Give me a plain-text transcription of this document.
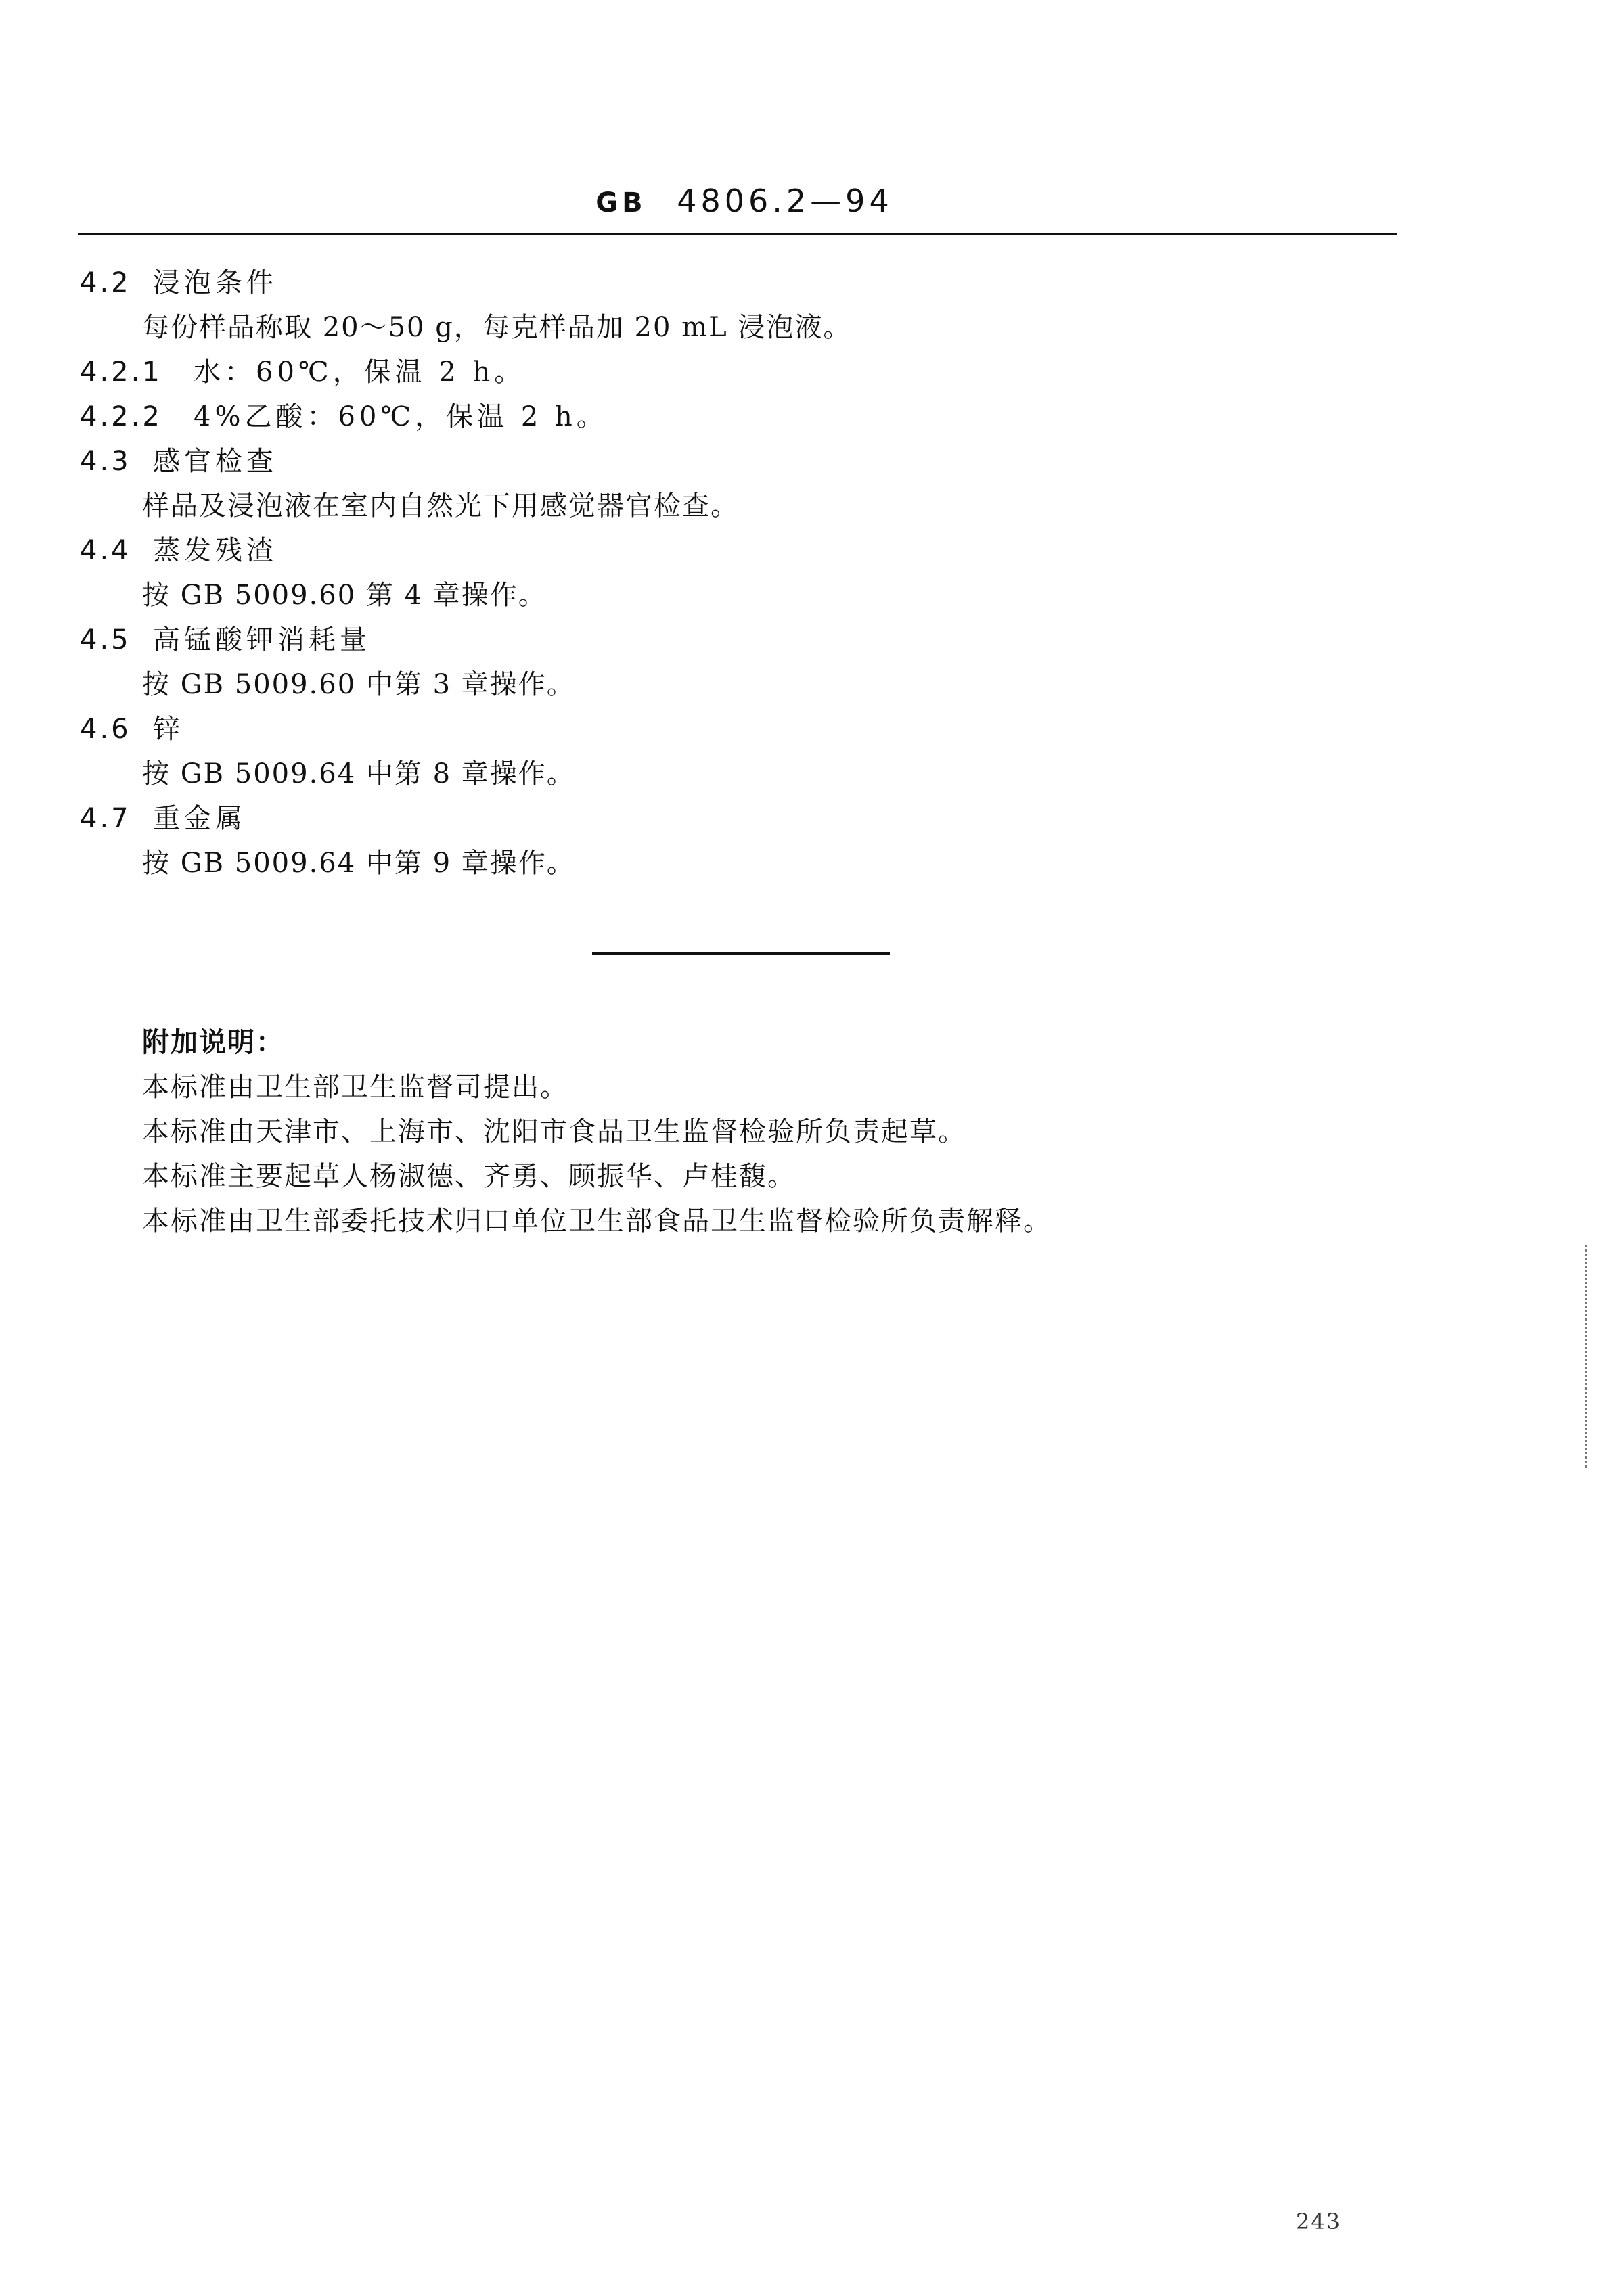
GB 4806.2—94
4.2 浸泡条件
每份样品称取 20～50 g，每克样品加 20 mL 浸泡液。
4.2.1 水：60℃，保温 2 h。
4.2.2 4%乙酸：60℃，保温 2 h。
4.3 感官检查
样品及浸泡液在室内自然光下用感觉器官检查。
4.4 蒸发残渣
按 GB 5009.60 第 4 章操作。
4.5 高锰酸钾消耗量
按 GB 5009.60 中第 3 章操作。
4.6 锌
按 GB 5009.64 中第 8 章操作。
4.7 重金属
按 GB 5009.64 中第 9 章操作。
附加说明：
本标准由卫生部卫生监督司提出。
本标准由天津市、上海市、沈阳市食品卫生监督检验所负责起草。
本标准主要起草人杨淑德、齐勇、顾振华、卢桂馥。
本标准由卫生部委托技术归口单位卫生部食品卫生监督检验所负责解释。
243
